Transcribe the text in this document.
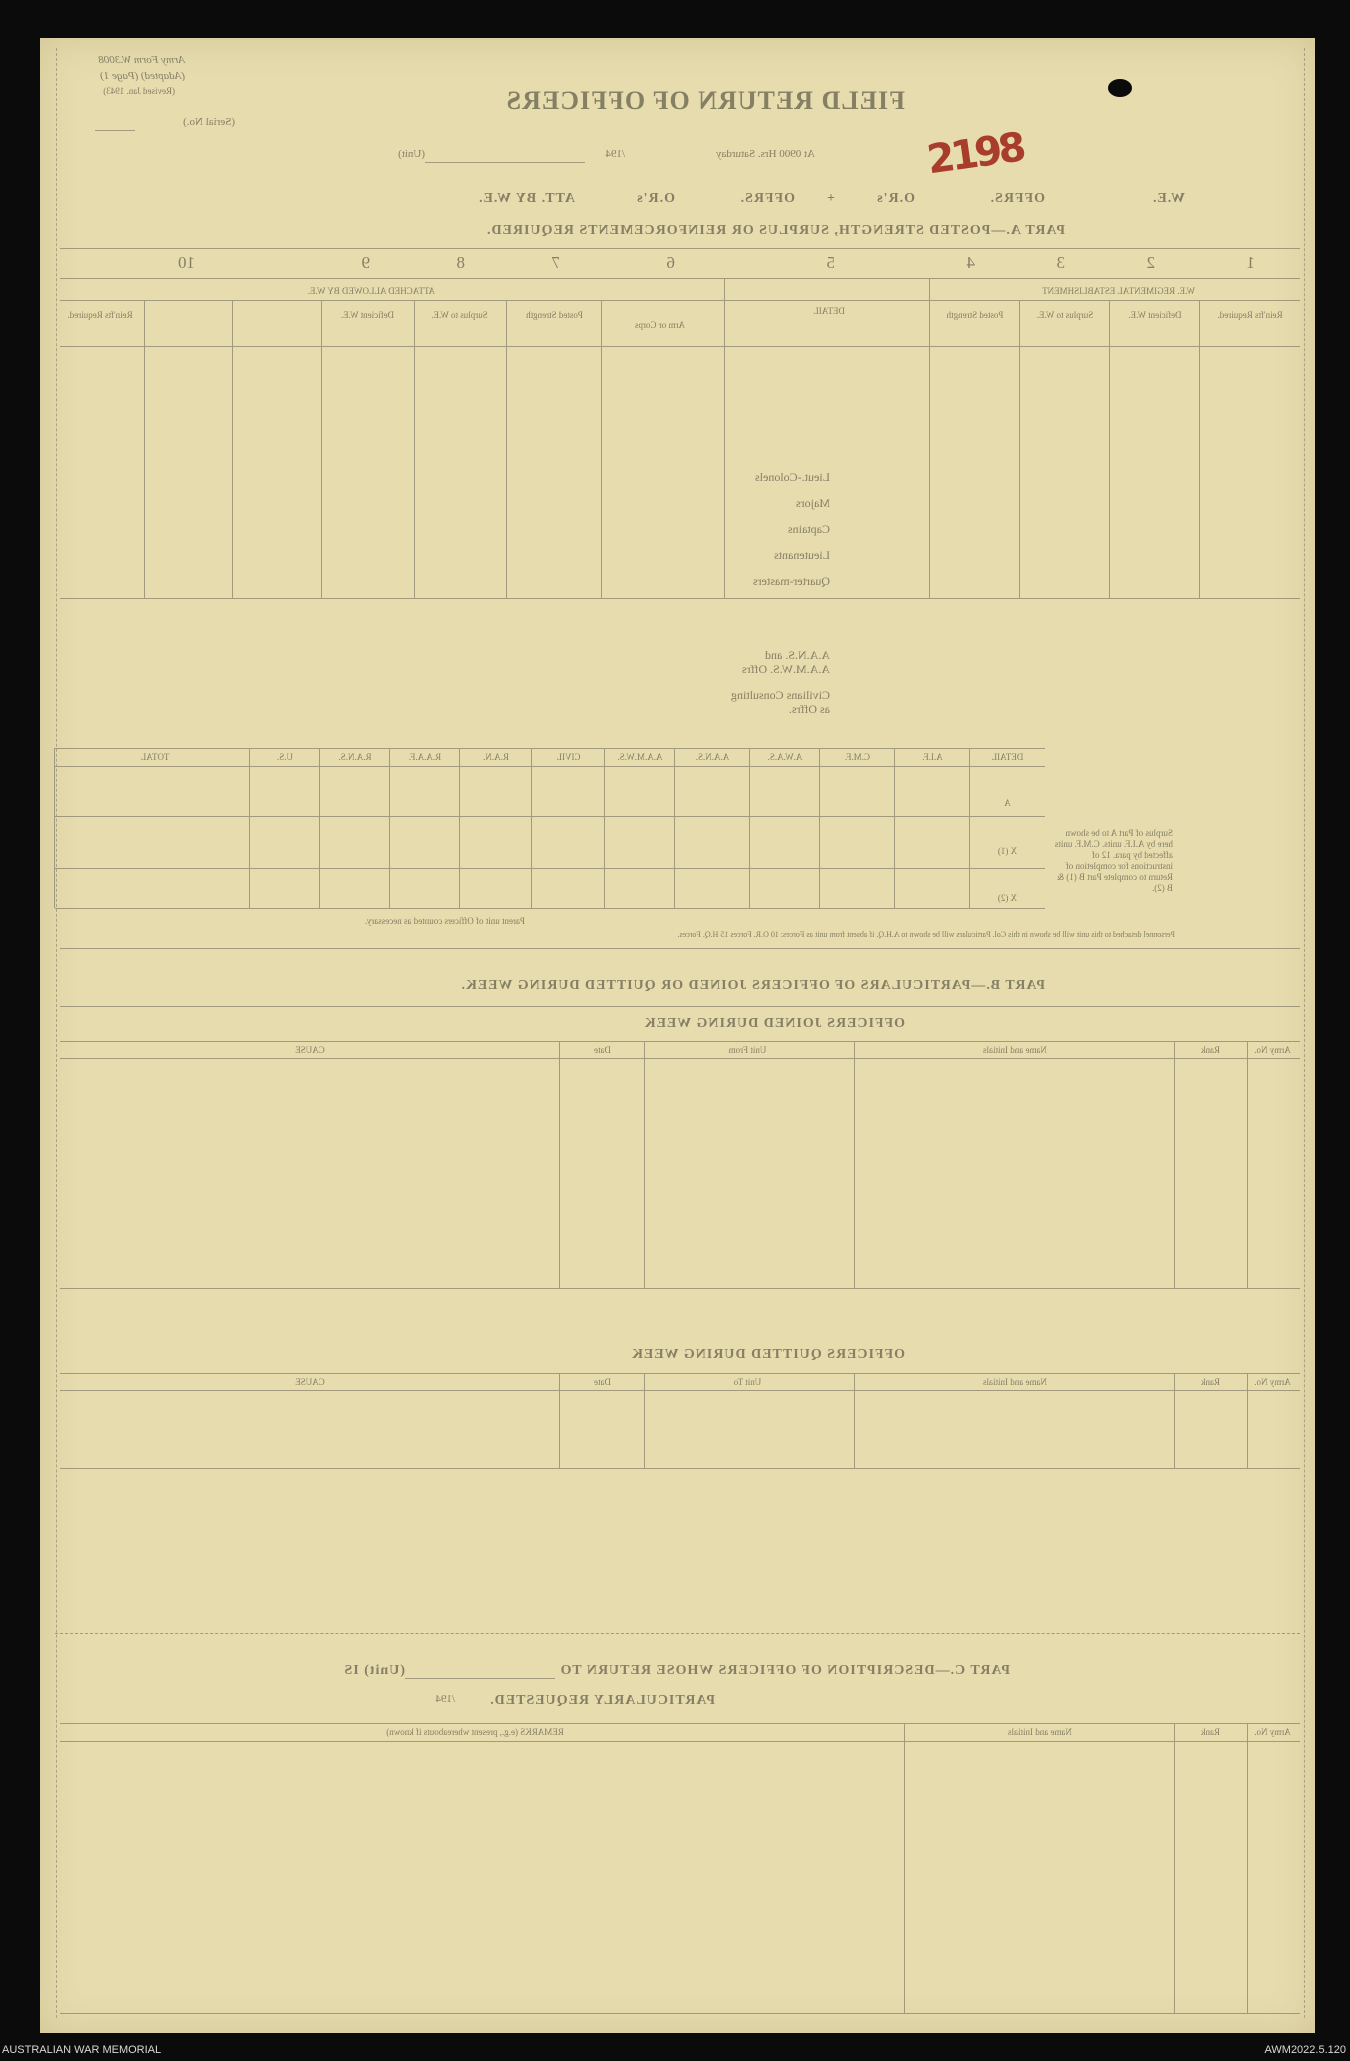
Army Form W.3008
(Adapted) (Page 1)
(Revised Jan. 1943)
(Serial No.)
FIELD RETURN OF OFFICERS
At 0900 Hrs. Saturday
/194
(Unit)
W.E.
OFFRS.
O.R's
+
OFFRS.
O.R's
ATT. BY W.E.
PART A.—POSTED STRENGTH, SURPLUS OR REINFORCEMENTS REQUIRED.
1
2
3
4
5
6
7
8
9
10
W.E. REGIMENTAL ESTABLISHMENT
ATTACHED ALLOWED BY W.E.
DETAIL	Rein'fts Required.
Deficient W.E.
Surplus to W.E.
Posted Strength
Arm or Corps
Posted Strength
Surplus to W.E.
Deficient W.E.
Rein'fts Required.
Lieut.-Colonels
Majors
Captains
Lieutenants
Quarter-masters
A.A.N.S. and A.A.M.W.S. Offrs
Civilians Consulting as Offrs.
DETAIL
A.I.F.
C.M.F.
A.W.A.S.
A.A.N.S.
A.A.M.W.S.
CIVIL
R.A.N.
R.A.A.F.
R.A.N.S.
U.S.
TOTAL
A
X (1)
X (2)
Surplus of Part A to be shown here by A.I.F. units. C.M.F. units affected by para. 12 of instructions for completion of Return to complete Part B (1) & B (2).
Parent unit of Officers counted as necessary.
Personnel detached to this unit will be shown in this Col. Particulars will be shown to A.H.Q. if absent from unit as Forces: 10 O.R. Forces 15 H.Q. Forces.
PART B.—PARTICULARS OF OFFICERS JOINED OR QUITTED DURING WEEK.
OFFICERS JOINED DURING WEEK
Army No.
Rank
Name and Initials
Unit From
Date
CAUSE
OFFICERS QUITTED DURING WEEK
Army No.
Rank
Name and Initials
Unit To
Date
CAUSE
PART C.—DESCRIPTION OF OFFICERS WHOSE RETURN TO
(Unit) IS
PARTICULARLY REQUESTED.
/194
Army No.
Rank
Name and Initials
REMARKS (e.g., present whereabouts if known)
2198
AUSTRALIAN WAR MEMORIAL	AWM2022.5.120
